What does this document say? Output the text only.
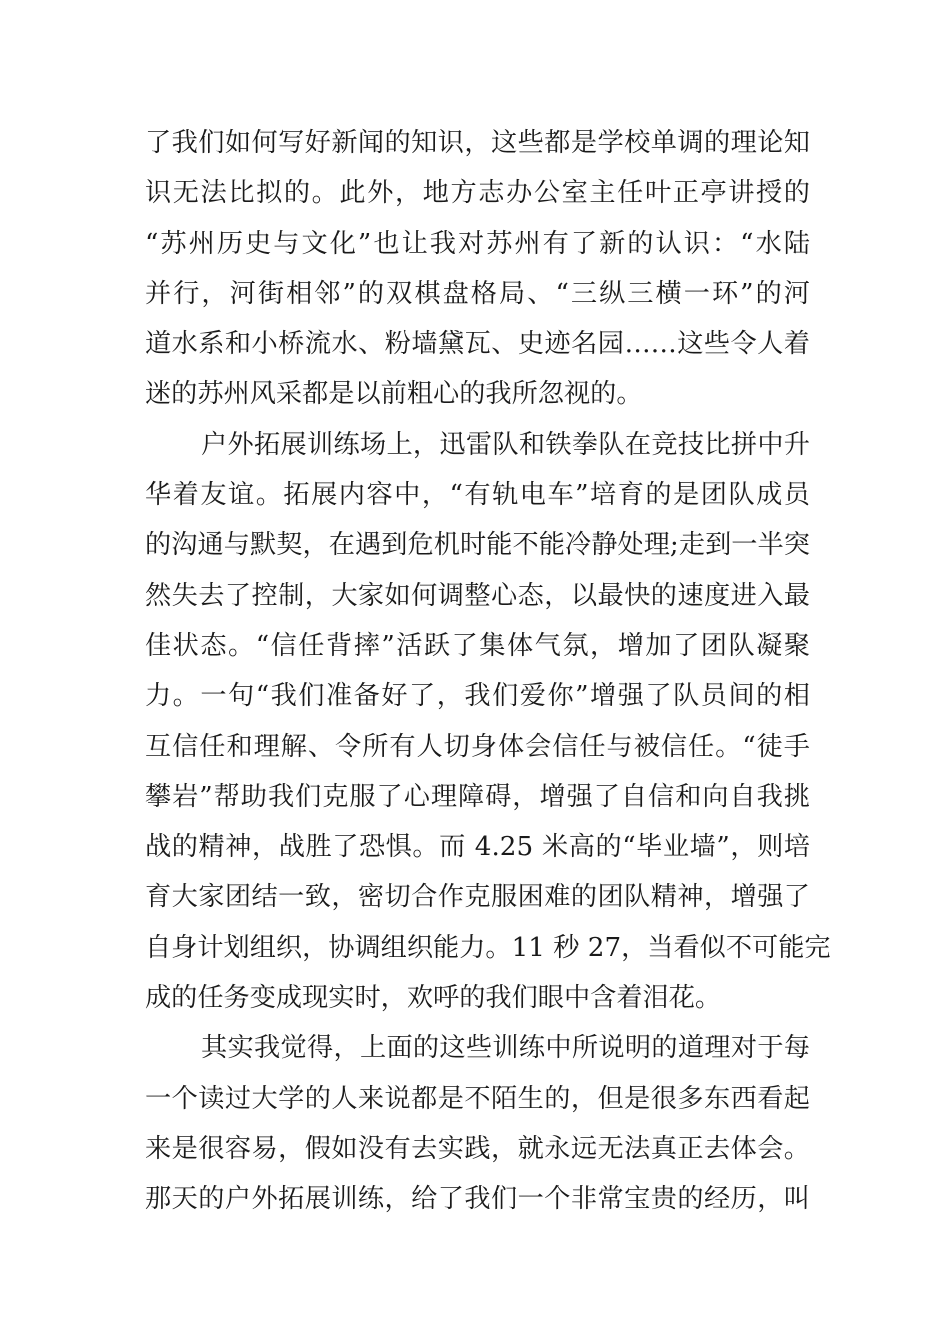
了我们如何写好新闻的知识，这些都是学校单调的理论知
识无法比拟的。此外，地方志办公室主任叶正亭讲授的
“苏州历史与文化”也让我对苏州有了新的认识：“水陆
并行，河街相邻”的双棋盘格局、“三纵三横一环”的河
道水系和小桥流水、粉墙黛瓦、史迹名园……这些令人着
迷的苏州风采都是以前粗心的我所忽视的。
户外拓展训练场上，迅雷队和铁拳队在竞技比拼中升
华着友谊。拓展内容中，“有轨电车”培育的是团队成员
的沟通与默契，在遇到危机时能不能冷静处理;走到一半突
然失去了控制，大家如何调整心态，以最快的速度进入最
佳状态。“信任背摔”活跃了集体气氛，增加了团队凝聚
力。一句“我们准备好了，我们爱你”增强了队员间的相
互信任和理解、令所有人切身体会信任与被信任。“徒手
攀岩”帮助我们克服了心理障碍，增强了自信和向自我挑
战的精神，战胜了恐惧。而 4.25 米高的“毕业墙”，则培
育大家团结一致，密切合作克服困难的团队精神，增强了
自身计划组织，协调组织能力。11 秒 27，当看似不可能完
成的任务变成现实时，欢呼的我们眼中含着泪花。
其实我觉得，上面的这些训练中所说明的道理对于每
一个读过大学的人来说都是不陌生的，但是很多东西看起
来是很容易，假如没有去实践，就永远无法真正去体会。
那天的户外拓展训练，给了我们一个非常宝贵的经历，叫
